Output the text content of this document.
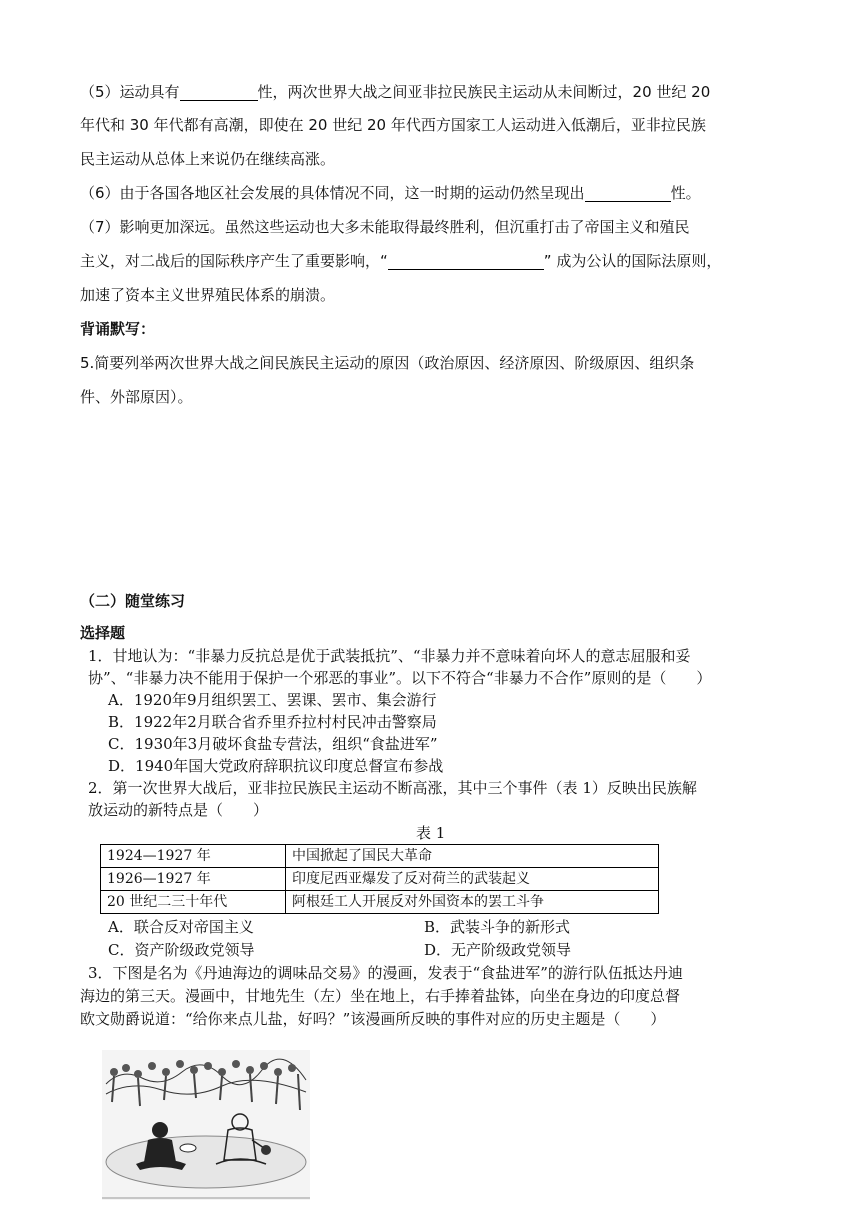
（5）运动具有	性，两次世界大战之间亚非拉民族民主运动从未间断过，20 世纪 20
年代和 30 年代都有高潮，即使在 20 世纪 20 年代西方国家工人运动进入低潮后，亚非拉民族
民主运动从总体上来说仍在继续高涨。
（6）由于各国各地区社会发展的具体情况不同，这一时期的运动仍然呈现出	性。
（7）影响更加深远。虽然这些运动也大多未能取得最终胜利，但沉重打击了帝国主义和殖民
主义，对二战后的国际秩序产生了重要影响，“	” 成为公认的国际法原则，
加速了资本主义世界殖民体系的崩溃。
背诵默写：
5.简要列举两次世界大战之间民族民主运动的原因（政治原因、经济原因、阶级原因、组织条
件、外部原因）。
（二）随堂练习
选择题
1．甘地认为：“非暴力反抗总是优于武装抵抗”、“非暴力并不意味着向坏人的意志屈服和妥
协”、“非暴力决不能用于保护一个邪恶的事业”。以下不符合“非暴力不合作”原则的是（　　）
A．1920年9月组织罢工、罢课、罢市、集会游行
B．1922年2月联合省乔里乔拉村村民冲击警察局
C．1930年3月破坏食盐专营法，组织“食盐进军”
D．1940年国大党政府辞职抗议印度总督宣布参战
2．第一次世界大战后，亚非拉民族民主运动不断高涨，其中三个事件（表 1）反映出民族解
放运动的新特点是（　　）
表 1
1924—1927 年	中国掀起了国民大革命
1926—1927 年	印度尼西亚爆发了反对荷兰的武装起义
20 世纪二三十年代	阿根廷工人开展反对外国资本的罢工斗争
A．联合反对帝国主义	B．武装斗争的新形式
C．资产阶级政党领导	D．无产阶级政党领导
3．下图是名为《丹迪海边的调味品交易》的漫画，发表于“食盐进军”的游行队伍抵达丹迪
海边的第三天。漫画中，甘地先生（左）坐在地上，右手捧着盐钵，向坐在身边的印度总督
欧文勋爵说道：“给你来点儿盐，好吗？”该漫画所反映的事件对应的历史主题是（　　）
